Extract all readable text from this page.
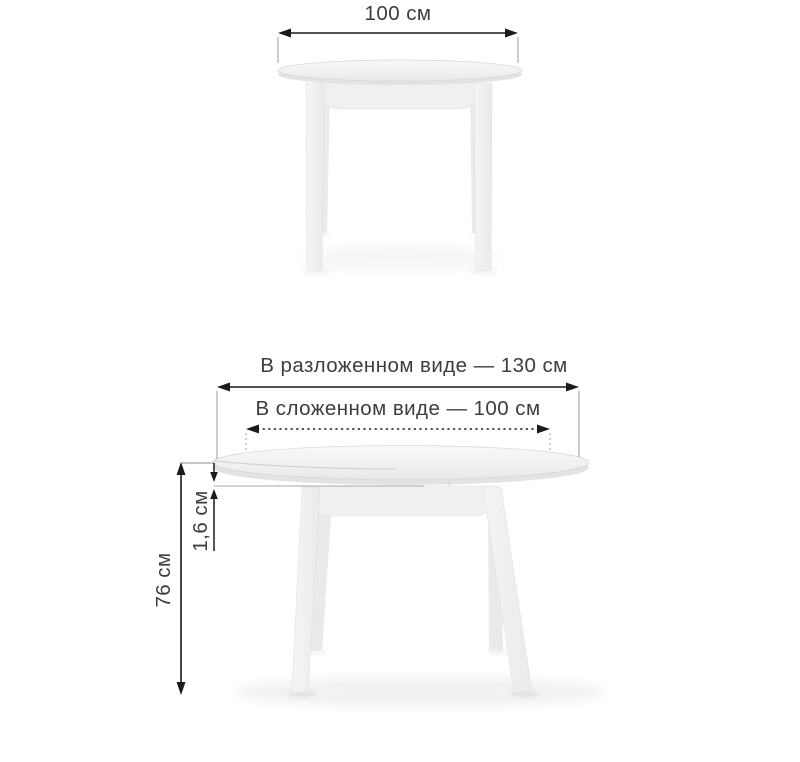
100 см
В разложенном виде — 130 см
В сложенном виде — 100 см
1,6 см
76 см
